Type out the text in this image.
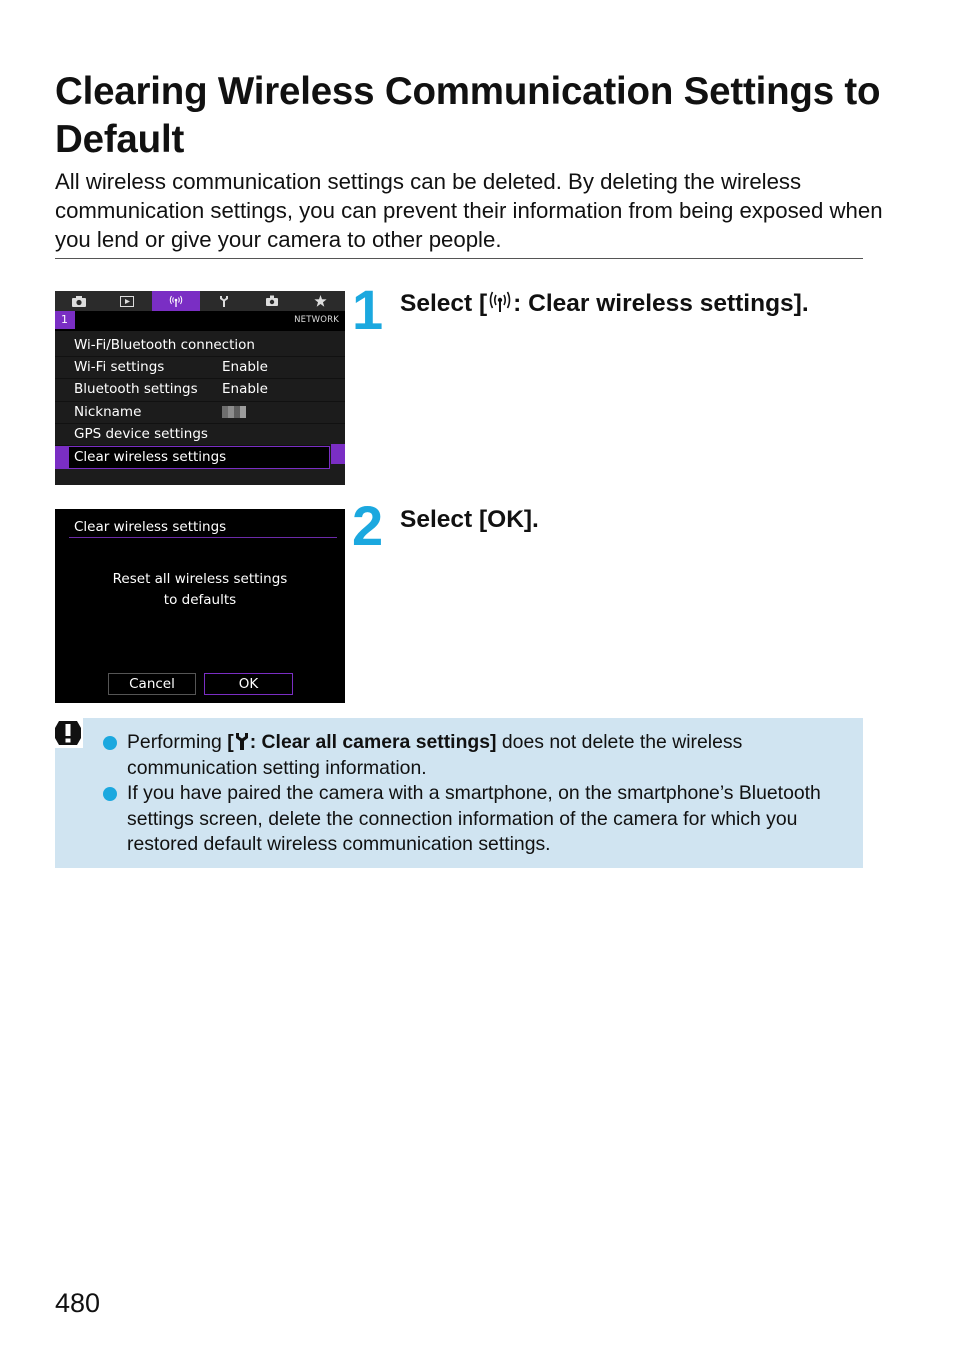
Clearing Wireless Communication Settings to Default
All wireless communication settings can be deleted. By deleting the wireless communication settings, you can prevent their information from being exposed when you lend or give your camera to other people.
1	NETWORK
Wi-Fi/Bluetooth connection
Wi-Fi settings	Enable
Bluetooth settings Enable
Nickname
GPS device settings
Clear wireless settings
1 Select [ : Clear wireless settings].
Clear wireless settings
Reset all wireless settings
to defaults
Cancel	OK
2 Select [OK].
Performing [ : Clear all camera settings] does not delete the wireless communication setting information.
If you have paired the camera with a smartphone, on the smartphone’s Bluetooth settings screen, delete the connection information of the camera for which you restored default wireless communication settings.
480
